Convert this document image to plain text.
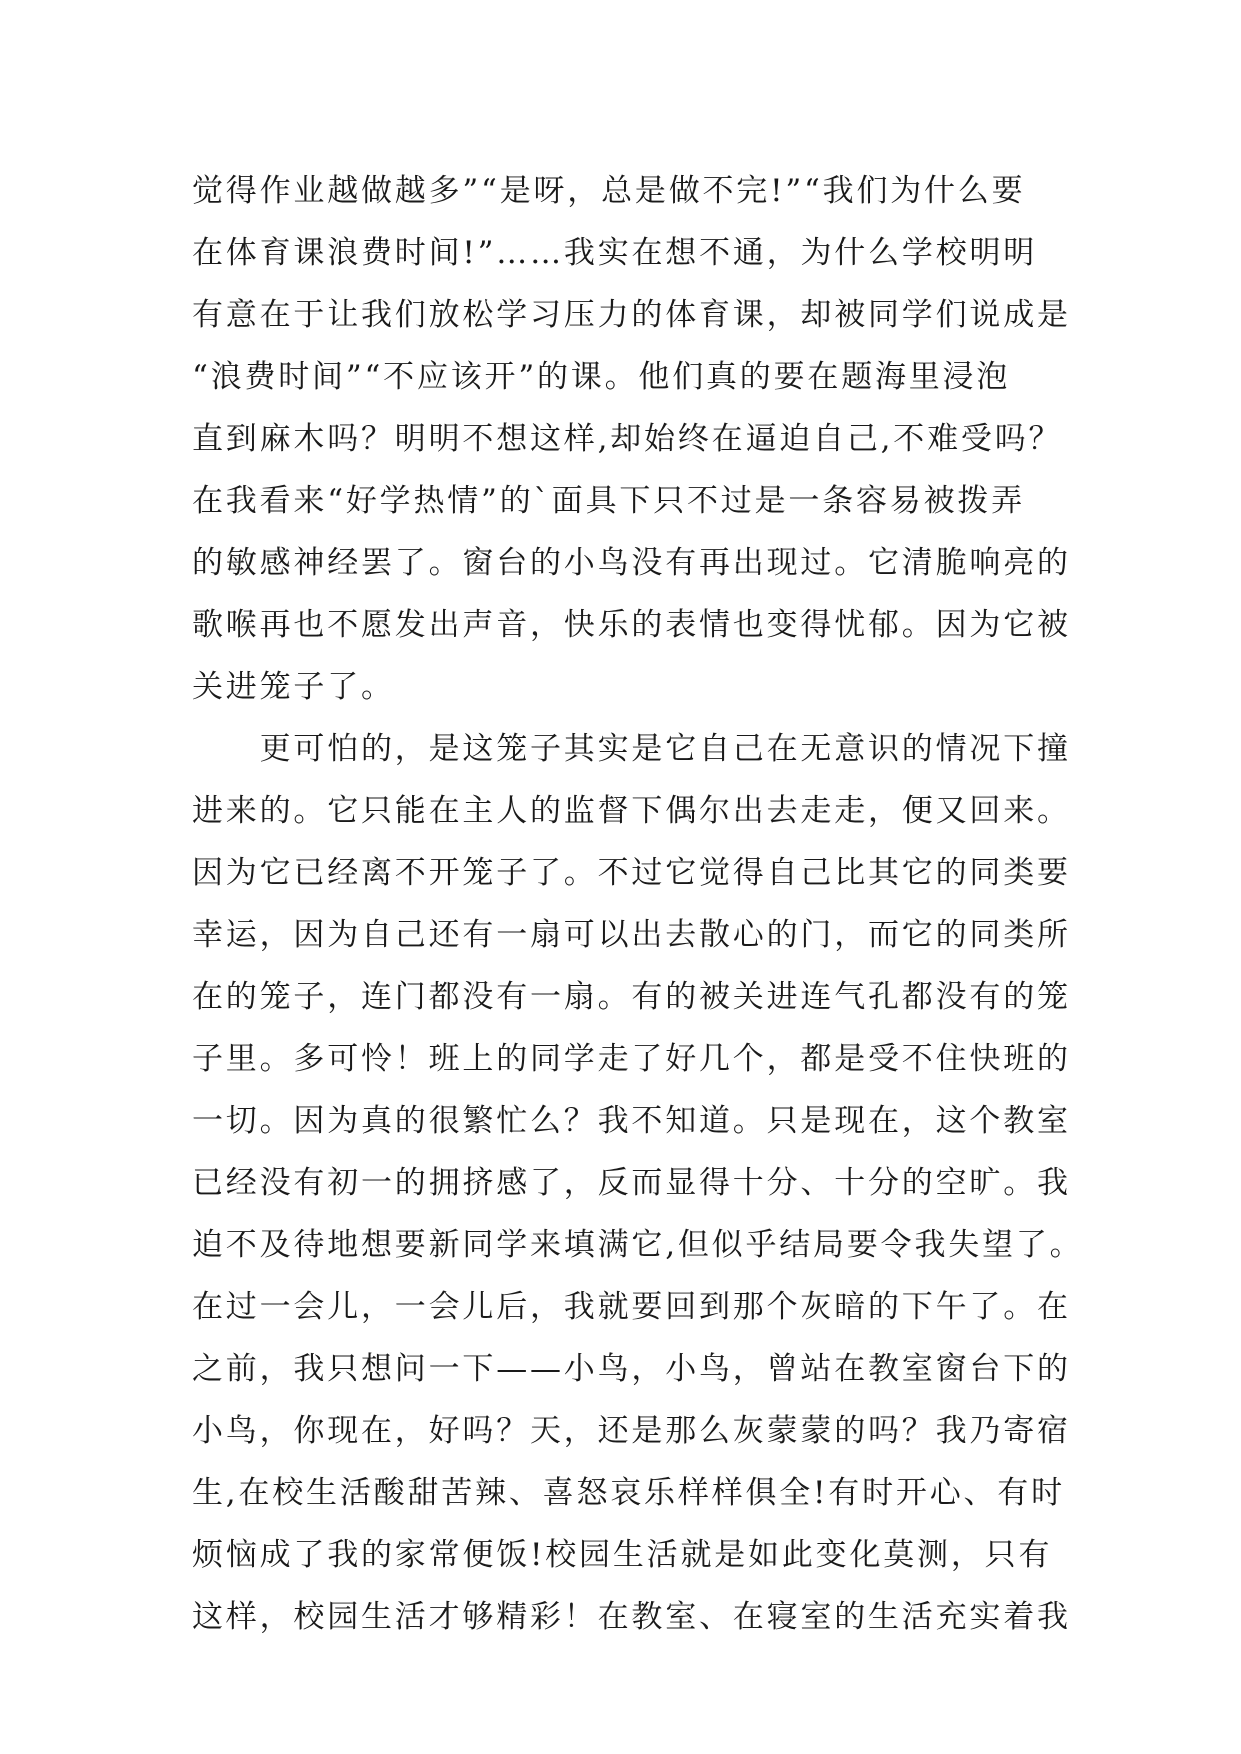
觉得作业越做越多”“是呀，总是做不完!”“我们为什么要
在体育课浪费时间!”……我实在想不通，为什么学校明明
有意在于让我们放松学习压力的体育课，却被同学们说成是
“浪费时间”“不应该开”的课。他们真的要在题海里浸泡
直到麻木吗？明明不想这样,却始终在逼迫自己,不难受吗？
在我看来“好学热情”的`面具下只不过是一条容易被拨弄
的敏感神经罢了。窗台的小鸟没有再出现过。它清脆响亮的
歌喉再也不愿发出声音，快乐的表情也变得忧郁。因为它被
关进笼子了。
　　更可怕的，是这笼子其实是它自己在无意识的情况下撞
进来的。它只能在主人的监督下偶尔出去走走，便又回来。
因为它已经离不开笼子了。不过它觉得自己比其它的同类要
幸运，因为自己还有一扇可以出去散心的门，而它的同类所
在的笼子，连门都没有一扇。有的被关进连气孔都没有的笼
子里。多可怜！班上的同学走了好几个，都是受不住快班的
一切。因为真的很繁忙么？我不知道。只是现在，这个教室
已经没有初一的拥挤感了，反而显得十分、十分的空旷。我
迫不及待地想要新同学来填满它,但似乎结局要令我失望了。
在过一会儿，一会儿后，我就要回到那个灰暗的下午了。在
之前，我只想问一下——小鸟，小鸟，曾站在教室窗台下的
小鸟，你现在，好吗？天，还是那么灰蒙蒙的吗？我乃寄宿
生,在校生活酸甜苦辣、喜怒哀乐样样俱全!有时开心、有时
烦恼成了我的家常便饭!校园生活就是如此变化莫测，只有
这样，校园生活才够精彩！在教室、在寝室的生活充实着我
